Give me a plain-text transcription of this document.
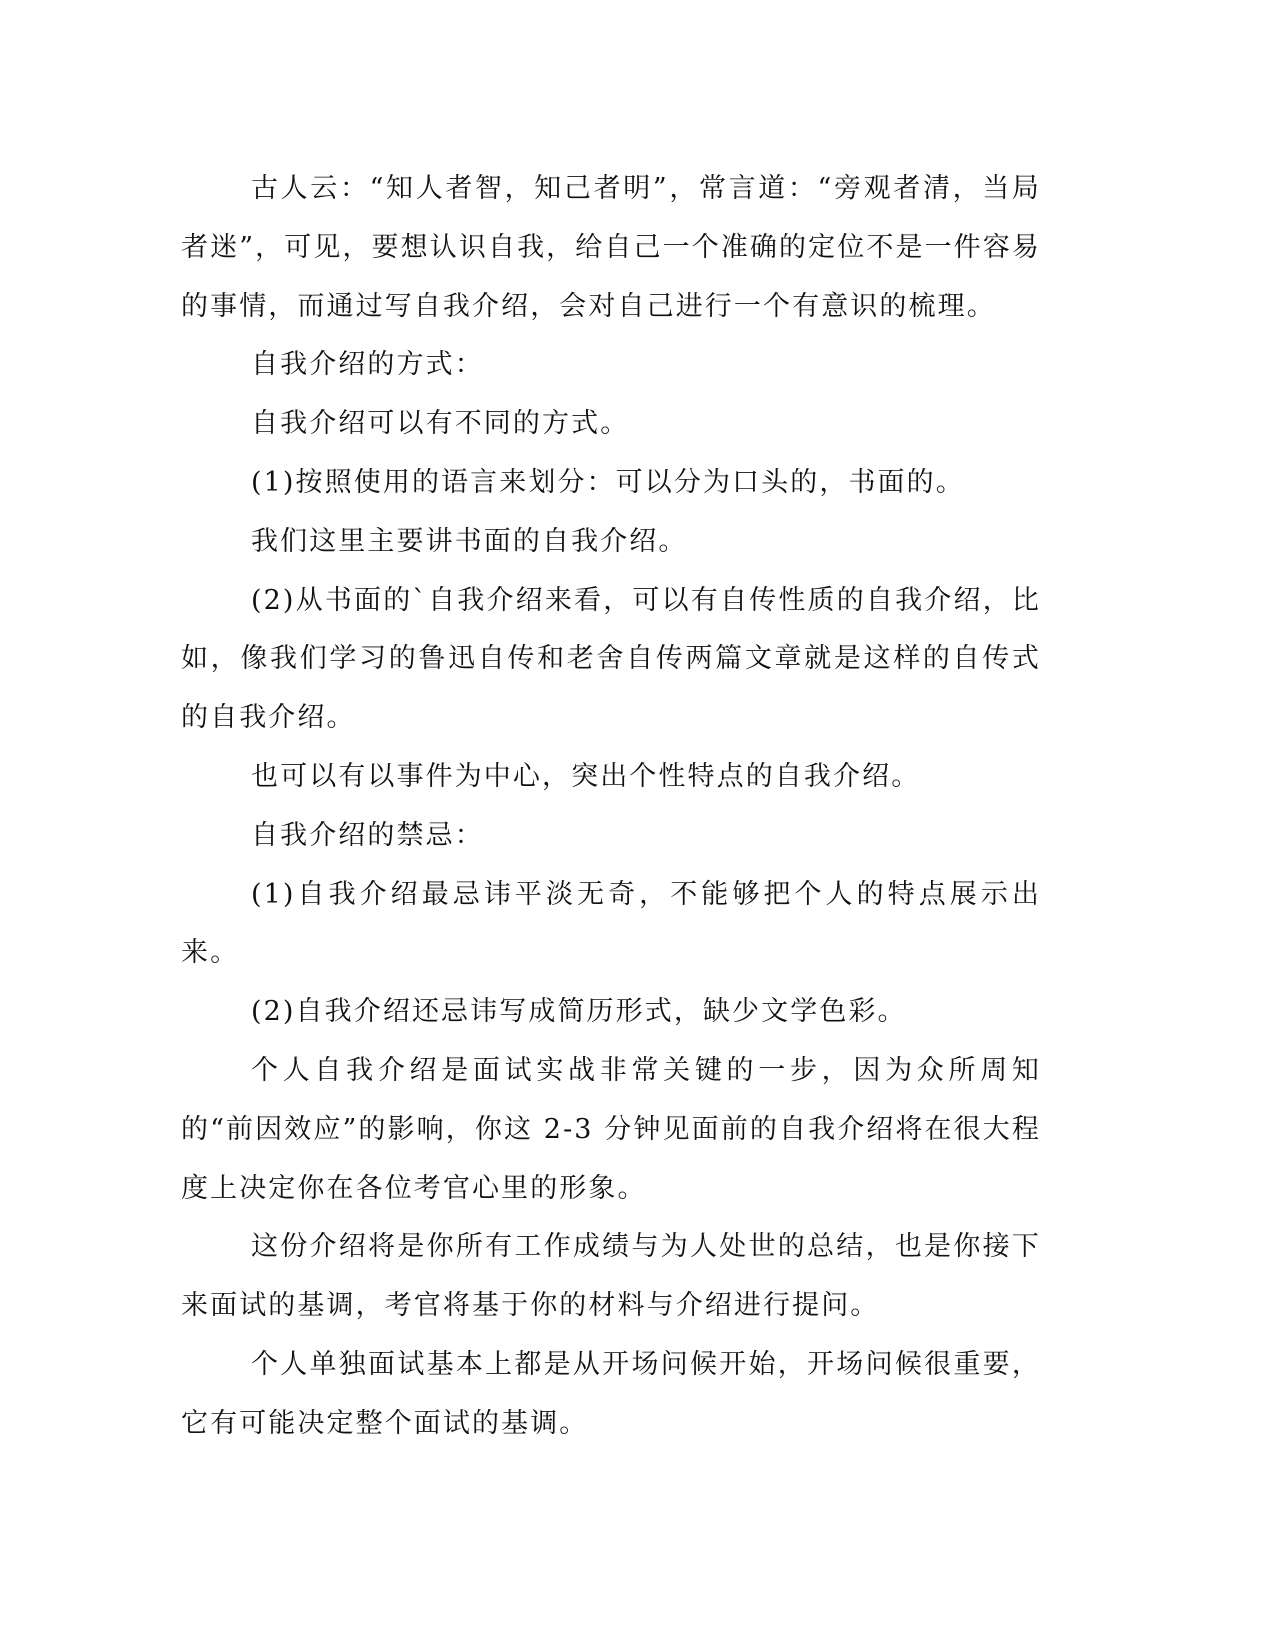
古人云：“知人者智，知己者明”，常言道：“旁观者清，当局者迷”，可见，要想认识自我，给自己一个准确的定位不是一件容易的事情，而通过写自我介绍，会对自己进行一个有意识的梳理。

自我介绍的方式：

自我介绍可以有不同的方式。

(1)按照使用的语言来划分：可以分为口头的，书面的。

我们这里主要讲书面的自我介绍。

(2)从书面的`自我介绍来看，可以有自传性质的自我介绍，比如，像我们学习的鲁迅自传和老舍自传两篇文章就是这样的自传式的自我介绍。

也可以有以事件为中心，突出个性特点的自我介绍。

自我介绍的禁忌：

(1)自我介绍最忌讳平淡无奇，不能够把个人的特点展示出来。

(2)自我介绍还忌讳写成简历形式，缺少文学色彩。

个人自我介绍是面试实战非常关键的一步，因为众所周知的“前因效应”的影响，你这 2-3 分钟见面前的自我介绍将在很大程度上决定你在各位考官心里的形象。

这份介绍将是你所有工作成绩与为人处世的总结，也是你接下来面试的基调，考官将基于你的材料与介绍进行提问。

个人单独面试基本上都是从开场问候开始，开场问候很重要，它有可能决定整个面试的基调。
